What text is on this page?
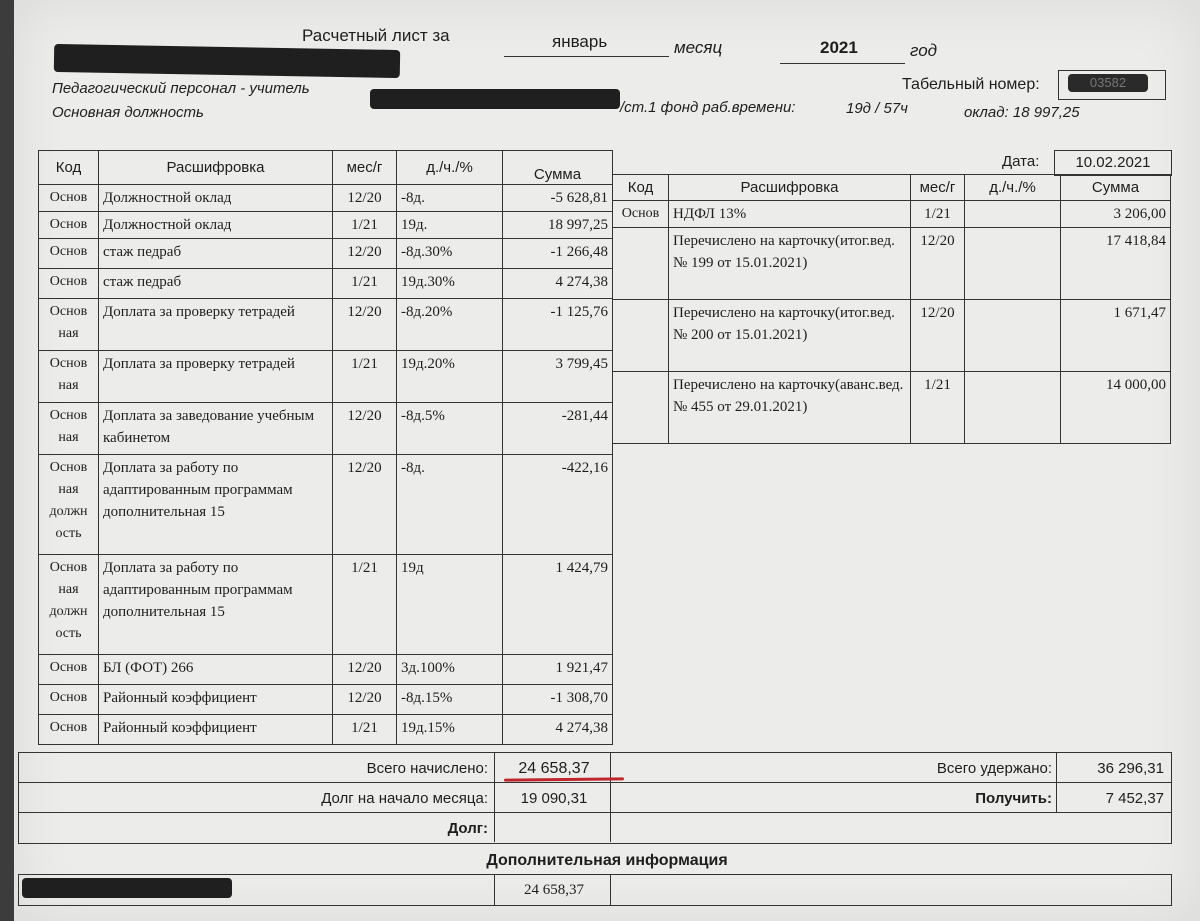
Расчетный лист за	январь	месяц	2021	год
Педагогический персонал - учитель
/ст.1 фонд раб.времени:	19д / 57ч	оклад: 18 997,25
Основная должность
Табельный номер:	03582
Код	Расшифровка	мес/г	д./ч./%	Сумма
Основ	Должностной оклад	12/20	-8д.	-5 628,81
Основ	Должностной оклад	1/21	19д.	18 997,25
Основ	стаж педраб	12/20	-8д.30%	-1 266,48
Основ	стаж педраб	1/21	19д.30%	4 274,38
Основ ная	Доплата за проверку тетрадей	12/20	-8д.20%	-1 125,76
Основ ная	Доплата за проверку тетрадей	1/21	19д.20%	3 799,45
Основ ная	Доплата за заведование учебным кабинетом	12/20	-8д.5%	-281,44
Основ ная должн ость	Доплата за работу по адаптированным программам дополнительная 15	12/20	-8д.	-422,16
Основ ная должн ость	Доплата за работу по адаптированным программам дополнительная 15	1/21	19д	1 424,79
Основ	БЛ (ФОТ) 266	12/20	3д.100%	1 921,47
Основ	Районный коэффициент	12/20	-8д.15%	-1 308,70
Основ	Районный коэффициент	1/21	19д.15%	4 274,38
Дата:	10.02.2021
Код	Расшифровка	мес/г	д./ч./%	Сумма
Основ	НДФЛ 13%	1/21		3 206,00
	Перечислено на карточку(итог.вед.№ 199 от 15.01.2021)	12/20		17 418,84
	Перечислено на карточку(итог.вед.№ 200 от 15.01.2021)	12/20		1 671,47
	Перечислено на карточку(аванс.вед.№ 455 от 29.01.2021)	1/21		14 000,00
Всего начислено:	24 658,37	Всего удержано:	36 296,31
Долг на начало месяца:	19 090,31	Получить:	7 452,37
Долг:
Дополнительная информация
24 658,37
